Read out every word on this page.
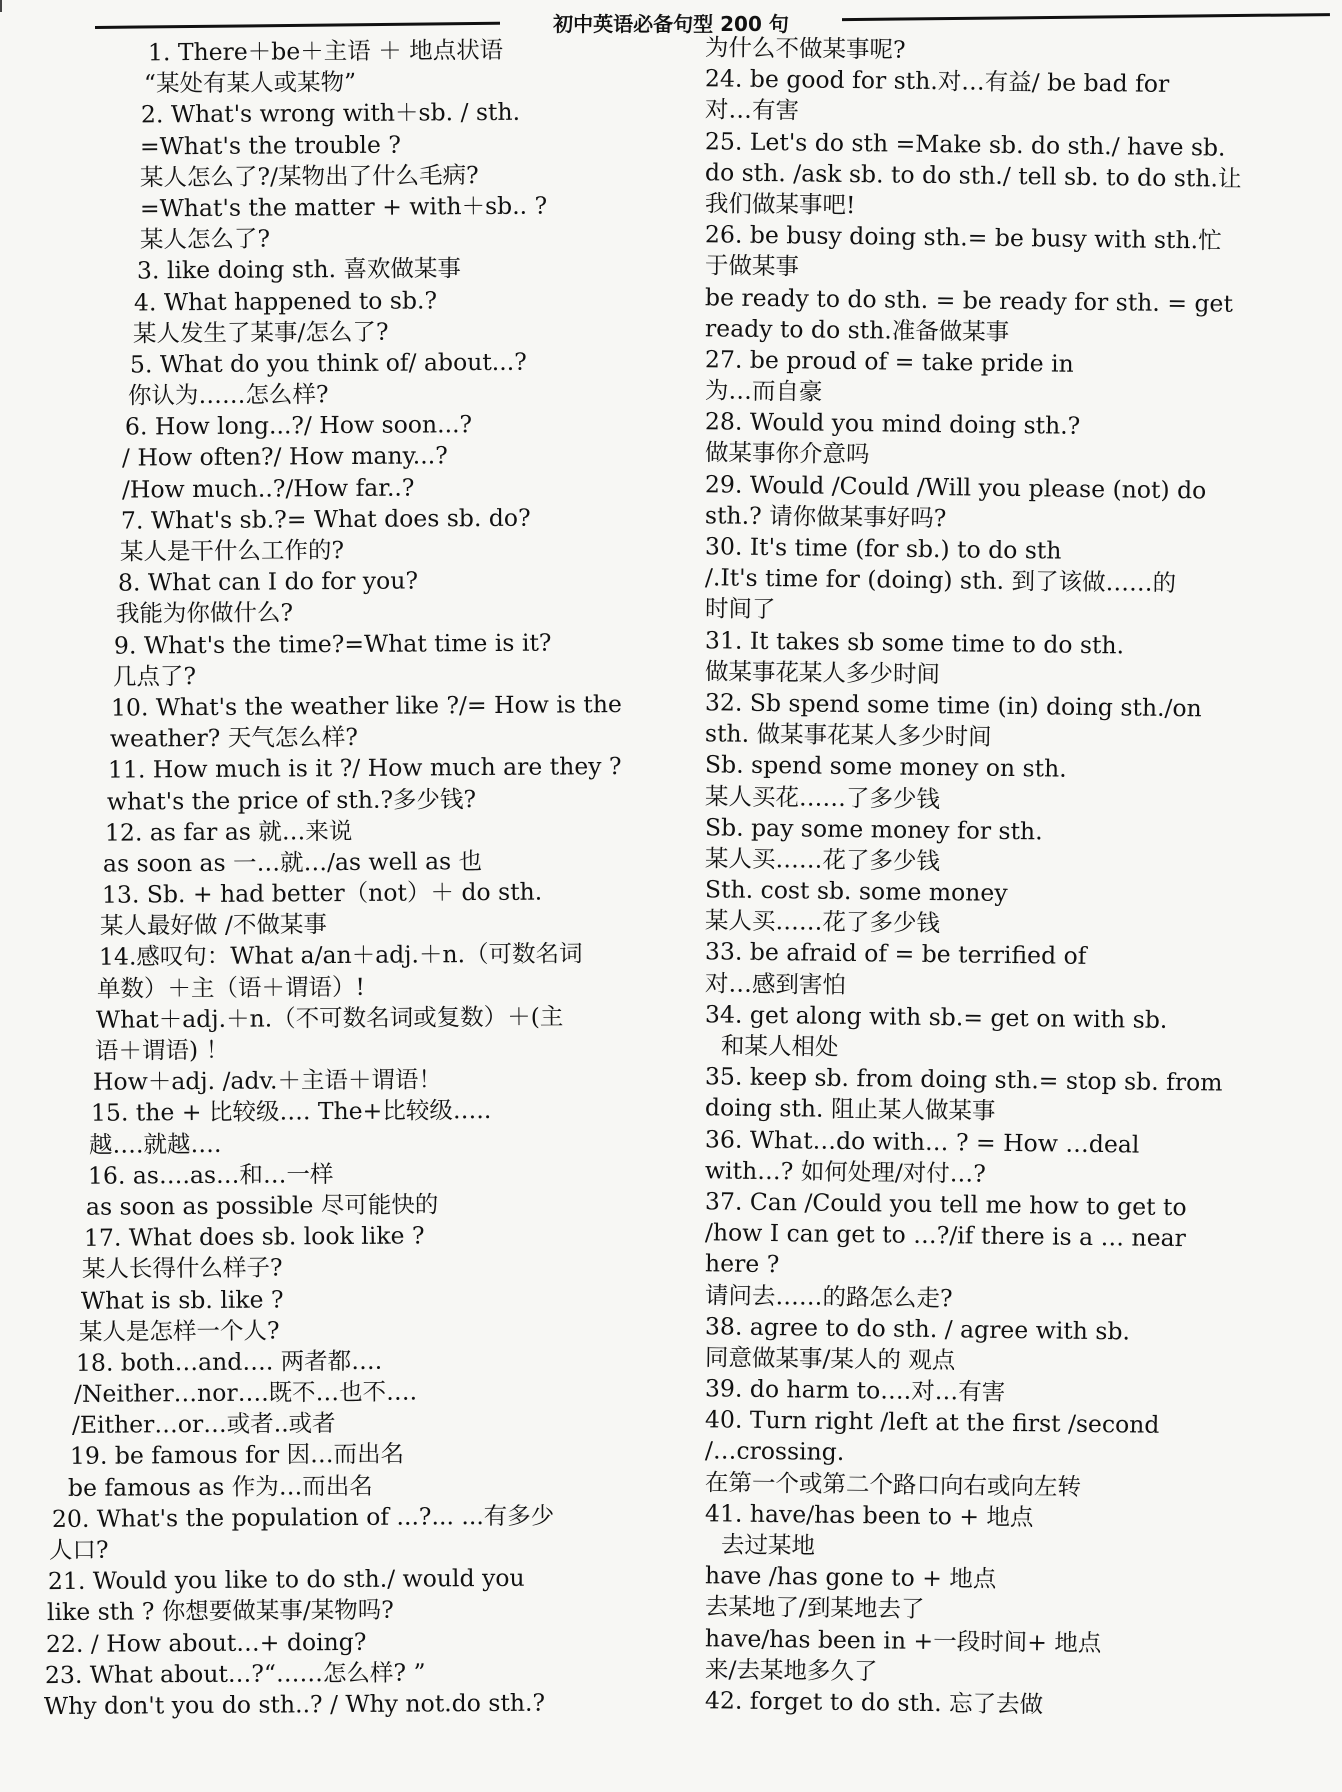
初中英语必备句型 200 句
1. There＋be＋主语 ＋ 地点状语
“某处有某人或某物”
2. What's wrong with＋sb. / sth.
=What's the trouble ?
某人怎么了?/某物出了什么毛病?
=What's the matter + with＋sb.. ?
某人怎么了?
3. like doing sth. 喜欢做某事
4. What happened to sb.?
某人发生了某事/怎么了?
5. What do you think of/ about...?
你认为……怎么样?
6. How long...?/ How soon...?
/ How often?/ How many...?
/How much..?/How far..?
7. What's sb.?= What does sb. do?
某人是干什么工作的?
8. What can I do for you?
我能为你做什么?
9. What's the time?=What time is it?
几点了?
10. What's the weather like ?/= How is the
weather? 天气怎么样?
11. How much is it ?/ How much are they ?
what's the price of sth.?多少钱?
12. as far as 就…来说
as soon as 一…就…/as well as 也
13. Sb. + had better（not）＋ do sth.
某人最好做 /不做某事
14.感叹句：What a/an＋adj.＋n.（可数名词
单数）＋主（语＋谓语）!
What＋adj.＋n.（不可数名词或复数）＋(主
语＋谓语) ！
How＋adj. /adv.＋主语＋谓语！
15. the + 比较级…. The+比较级…..
越….就越….
16. as….as…和…一样
as soon as possible 尽可能快的
17. What does sb. look like ?
某人长得什么样子?
What is sb. like ?
某人是怎样一个人?
18. both…and…. 两者都….
/Neither…nor….既不…也不….
/Either…or…或者..或者
19. be famous for 因…而出名
be famous as 作为…而出名
20. What's the population of ...?... ...有多少
人口?
21. Would you like to do sth./ would you
like sth ? 你想要做某事/某物吗?
22. / How about…+ doing?
23. What about…?“……怎么样? ”
Why don't you do sth..? / Why not.do sth.?
为什么不做某事呢?
24. be good for sth.对…有益/ be bad for
对…有害
25. Let's do sth =Make sb. do sth./ have sb.
do sth. /ask sb. to do sth./ tell sb. to do sth.让
我们做某事吧!
26. be busy doing sth.= be busy with sth.忙
于做某事
be ready to do sth. = be ready for sth. = get
ready to do sth.准备做某事
27. be proud of = take pride in
为…而自豪
28. Would you mind doing sth.?
做某事你介意吗
29. Would /Could /Will you please (not) do
sth.? 请你做某事好吗?
30. It's time (for sb.) to do sth
/.It's time for (doing) sth. 到了该做……的
时间了
31. It takes sb some time to do sth.
做某事花某人多少时间
32. Sb spend some time (in) doing sth./on
sth. 做某事花某人多少时间
Sb. spend some money on sth.
某人买花……了多少钱
Sb. pay some money for sth.
某人买……花了多少钱
Sth. cost sb. some money
某人买……花了多少钱
33. be afraid of = be terrified of
对…感到害怕
34. get along with sb.= get on with sb.
和某人相处
35. keep sb. from doing sth.= stop sb. from
doing sth. 阻止某人做某事
36. What…do with… ? = How …deal
with…? 如何处理/对付…?
37. Can /Could you tell me how to get to
/how I can get to …?/if there is a … near
here ?
请问去……的路怎么走?
38. agree to do sth. / agree with sb.
同意做某事/某人的 观点
39. do harm to….对…有害
40. Turn right /left at the first /second
/…crossing.
在第一个或第二个路口向右或向左转
41. have/has been to + 地点
去过某地
have /has gone to + 地点
去某地了/到某地去了
have/has been in +一段时间+ 地点
来/去某地多久了
42. forget to do sth. 忘了去做
